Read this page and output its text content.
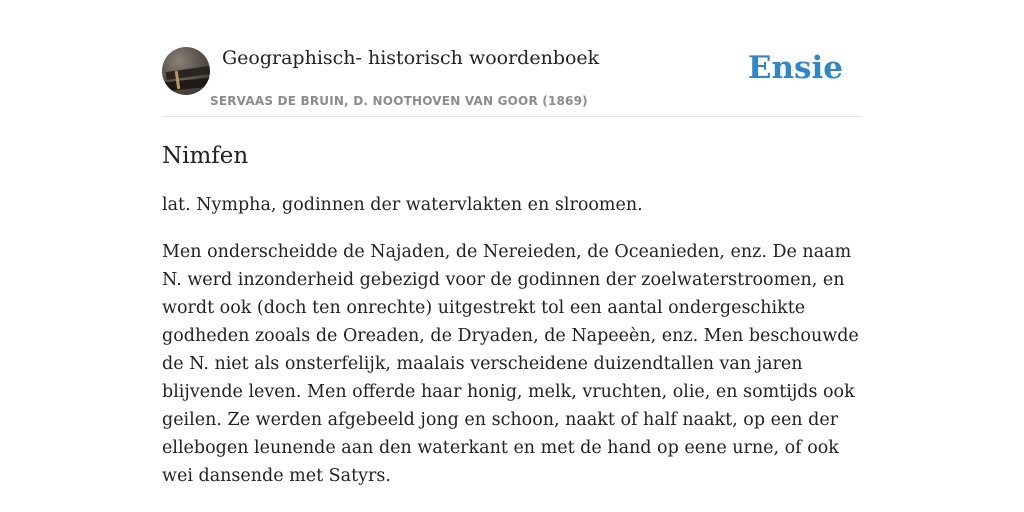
Geographisch- historisch woordenboek
SERVAAS DE BRUIN, D. NOOTHOVEN VAN GOOR (1869)
Ensie
Nimfen

lat. Nympha, godinnen der watervlakten en slroomen.

Men onderscheidde de Najaden, de Nereieden, de Oceanieden, enz. De naam N. werd inzonderheid gebezigd voor de godinnen der zoelwaterstroomen, en wordt ook (doch ten onrechte) uitgestrekt tol een aantal ondergeschikte godheden zooals de Oreaden, de Dryaden, de Napeeèn, enz. Men beschouwde de N. niet als onsterfelijk, maalais verscheidene duizendtallen van jaren blijvende leven. Men offerde haar honig, melk, vruchten, olie, en somtijds ook geilen. Ze werden afgebeeld jong en schoon, naakt of half naakt, op een der ellebogen leunende aan den waterkant en met de hand op eene urne, of ook wei dansende met Satyrs.
